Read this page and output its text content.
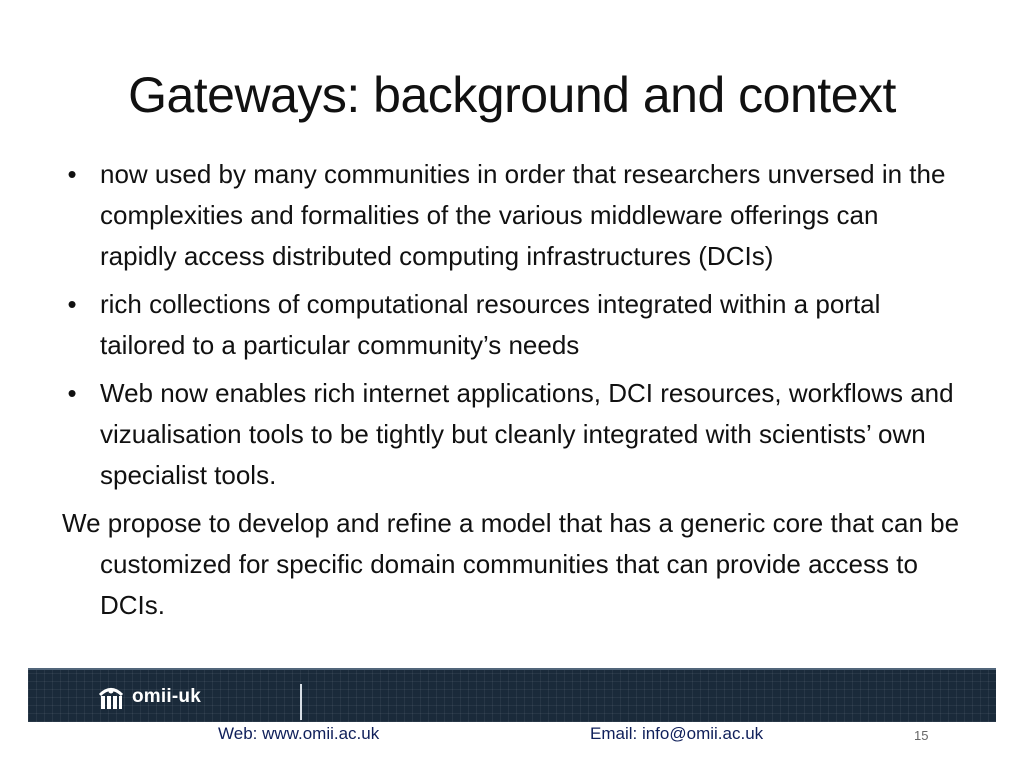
Gateways: background and context
• now used by many communities in order that researchers unversed in the complexities and formalities of the various middleware offerings can rapidly access distributed computing infrastructures (DCIs)
• rich collections of computational resources integrated within a portal tailored to a particular community’s needs
• Web now enables rich internet applications, DCI resources, workflows and vizualisation tools to be tightly but cleanly integrated with scientists’ own specialist tools.
We propose to develop and refine a model that has a generic core that can be customized for specific domain communities that can provide access to DCIs.
omii-uk
Web: www.omii.ac.uk	Email: info@omii.ac.uk	15
